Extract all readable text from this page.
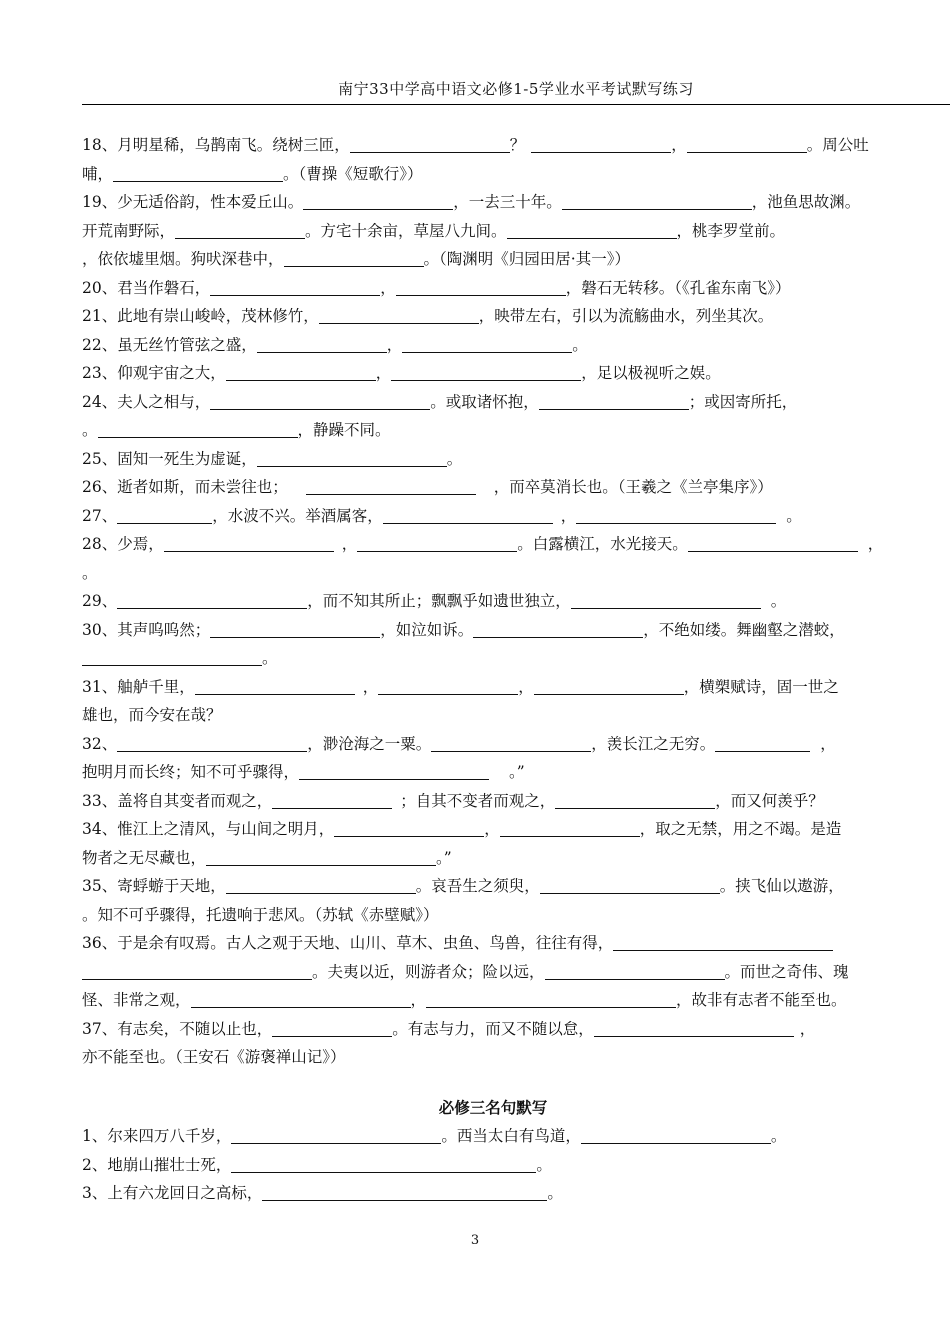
南宁33中学高中语文必修1-5学业水平考试默写练习
18、月明星稀，乌鹊南飞。绕树三匝，	？	，	。周公吐
哺，	。（曹操《短歌行》）
19、少无适俗韵，性本爱丘山。	，一去三十年。	，池鱼思故渊。
开荒南野际，	。方宅十余亩，草屋八九间。	，桃李罗堂前。
，依依墟里烟。狗吠深巷中，	。（陶渊明《归园田居·其一》）
20、君当作磐石，	，	，磐石无转移。（《孔雀东南飞》）
21、此地有崇山峻岭，茂林修竹，	，映带左右，引以为流觞曲水，列坐其次。
22、虽无丝竹管弦之盛，	，	。
23、仰观宇宙之大，	，	，足以极视听之娱。
24、夫人之相与，	。或取诸怀抱，	；或因寄所托，
。	，静躁不同。
25、固知一死生为虚诞，	。
26、逝者如斯，而未尝往也；	，而卒莫消长也。（王羲之《兰亭集序》）
27、	，水波不兴。举酒属客，	，	。
28、少焉，	，	。白露横江，水光接天。	，
。
29、	，而不知其所止；飘飘乎如遗世独立，	。
30、其声呜呜然；	，如泣如诉。	，不绝如缕。舞幽壑之潜蛟，
。
31、舳舻千里，	，	，	，横槊赋诗，固一世之
雄也，而今安在哉？
32、	，渺沧海之一粟。	，羡长江之无穷。	，
抱明月而长终；知不可乎骤得，	。”
33、盖将自其变者而观之，	；自其不变者而观之，	，而又何羡乎？
34、惟江上之清风，与山间之明月，	，	，取之无禁，用之不竭。是造
物者之无尽藏也，	。”
35、寄蜉蝣于天地，	。哀吾生之须臾，	。挟飞仙以遨游，
。知不可乎骤得，托遗响于悲风。（苏轼《赤壁赋》）
36、于是余有叹焉。古人之观于天地、山川、草木、虫鱼、鸟兽，往往有得，
。夫夷以近，则游者众；险以远，	。而世之奇伟、瑰
怪、非常之观，	，	，故非有志者不能至也。
37、有志矣，不随以止也，	。有志与力，而又不随以怠，	，
亦不能至也。（王安石《游褒禅山记》）
必修三名句默写
1、尔来四万八千岁，	。西当太白有鸟道，	。
2、地崩山摧壮士死，	。
3、上有六龙回日之高标，	。
3
